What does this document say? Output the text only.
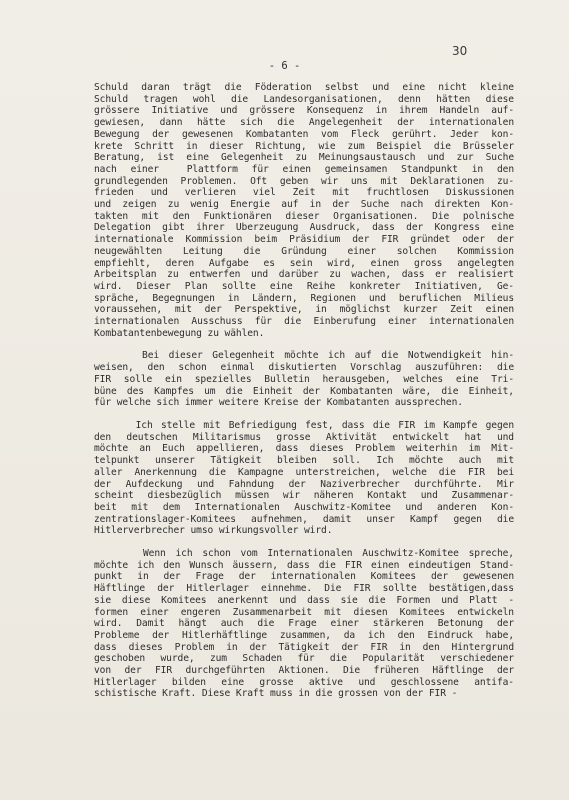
30
- 6 -
Schuld daran trägt die Föderation selbst und eine nicht kleine
Schuld tragen wohl die Landesorganisationen, denn hätten diese
grössere Initiative und grössere Konsequenz in ihrem Handeln auf-
gewiesen, dann hätte sich die Angelegenheit der internationalen
Bewegung der gewesenen Kombatanten vom Fleck gerührt. Jeder kon-
krete Schritt in dieser Richtung, wie zum Beispiel die Brüsseler
Beratung, ist eine Gelegenheit zu Meinungsaustausch und zur Suche
nach einer  Plattform für einen gemeinsamen Standpunkt in den
grundlegenden Problemen. Oft geben wir uns mit Deklarationen zu-
frieden und verlieren viel Zeit mit fruchtlosen Diskussionen
und zeigen zu wenig Energie auf in der Suche nach direkten Kon-
takten mit den Funktionären dieser Organisationen. Die polnische
Delegation gibt ihrer Überzeugung Ausdruck, dass der Kongress eine
internationale Kommission beim Präsidium der FIR gründet oder der
neugewählten Leitung die Gründung einer solchen Kommission
empfiehlt, deren Aufgabe es sein wird, einen gross angelegten
Arbeitsplan zu entwerfen und darüber zu wachen, dass er realisiert
wird. Dieser Plan sollte eine Reihe konkreter Initiativen, Ge-
spräche, Begegnungen in Ländern, Regionen und beruflichen Milieus
voraussehen, mit der Perspektive, in möglichst kurzer Zeit einen
internationalen Ausschuss für die Einberufung einer internationalen
Kombatantenbewegung zu wählen.
Bei dieser Gelegenheit möchte ich auf die Notwendigkeit hin-
weisen, den schon einmal diskutierten Vorschlag auszuführen: die
FIR solle ein spezielles Bulletin herausgeben, welches eine Tri-
büne des Kampfes um die Einheit der Kombatanten wäre, die Einheit,
für welche sich immer weitere Kreise der Kombatanten aussprechen.
Ich stelle mit Befriedigung fest, dass die FIR im Kampfe gegen
den deutschen Militarismus grosse Aktivität entwickelt hat und
möchte an Euch appellieren, dass dieses Problem weiterhin im Mit-
telpunkt unserer Tätigkeit bleiben soll. Ich möchte auch mit
aller Anerkennung die Kampagne unterstreichen, welche die FIR bei
der Aufdeckung und Fahndung der Naziverbrecher durchführte. Mir
scheint diesbezüglich müssen wir näheren Kontakt und Zusammenar-
beit mit dem Internationalen Auschwitz-Komitee und anderen Kon-
zentrationslager-Komitees aufnehmen, damit unser Kampf gegen die
Hitlerverbrecher umso wirkungsvoller wird.
Wenn ich schon vom Internationalen Auschwitz-Komitee spreche,
möchte ich den Wunsch äussern, dass die FIR einen eindeutigen Stand-
punkt in der Frage der internationalen Komitees der gewesenen
Häftlinge der Hitlerlager einnehme. Die FIR sollte bestätigen,dass
sie diese Komitees anerkennt und dass sie die Formen und Platt -
formen einer engeren Zusammenarbeit mit diesen Komitees entwickeln
wird. Damit hängt auch die Frage einer stärkeren Betonung der
Probleme der Hitlerhäftlinge zusammen, da ich den Eindruck habe,
dass dieses Problem in der Tätigkeit der FIR in den Hintergrund
geschoben wurde, zum Schaden für die Popularität verschiedener
von der FIR durchgeführten Aktionen. Die früheren Häftlinge der
Hitlerlager bilden eine grosse aktive und geschlossene antifa-
schistische Kraft. Diese Kraft muss in die grossen von der FIR -
